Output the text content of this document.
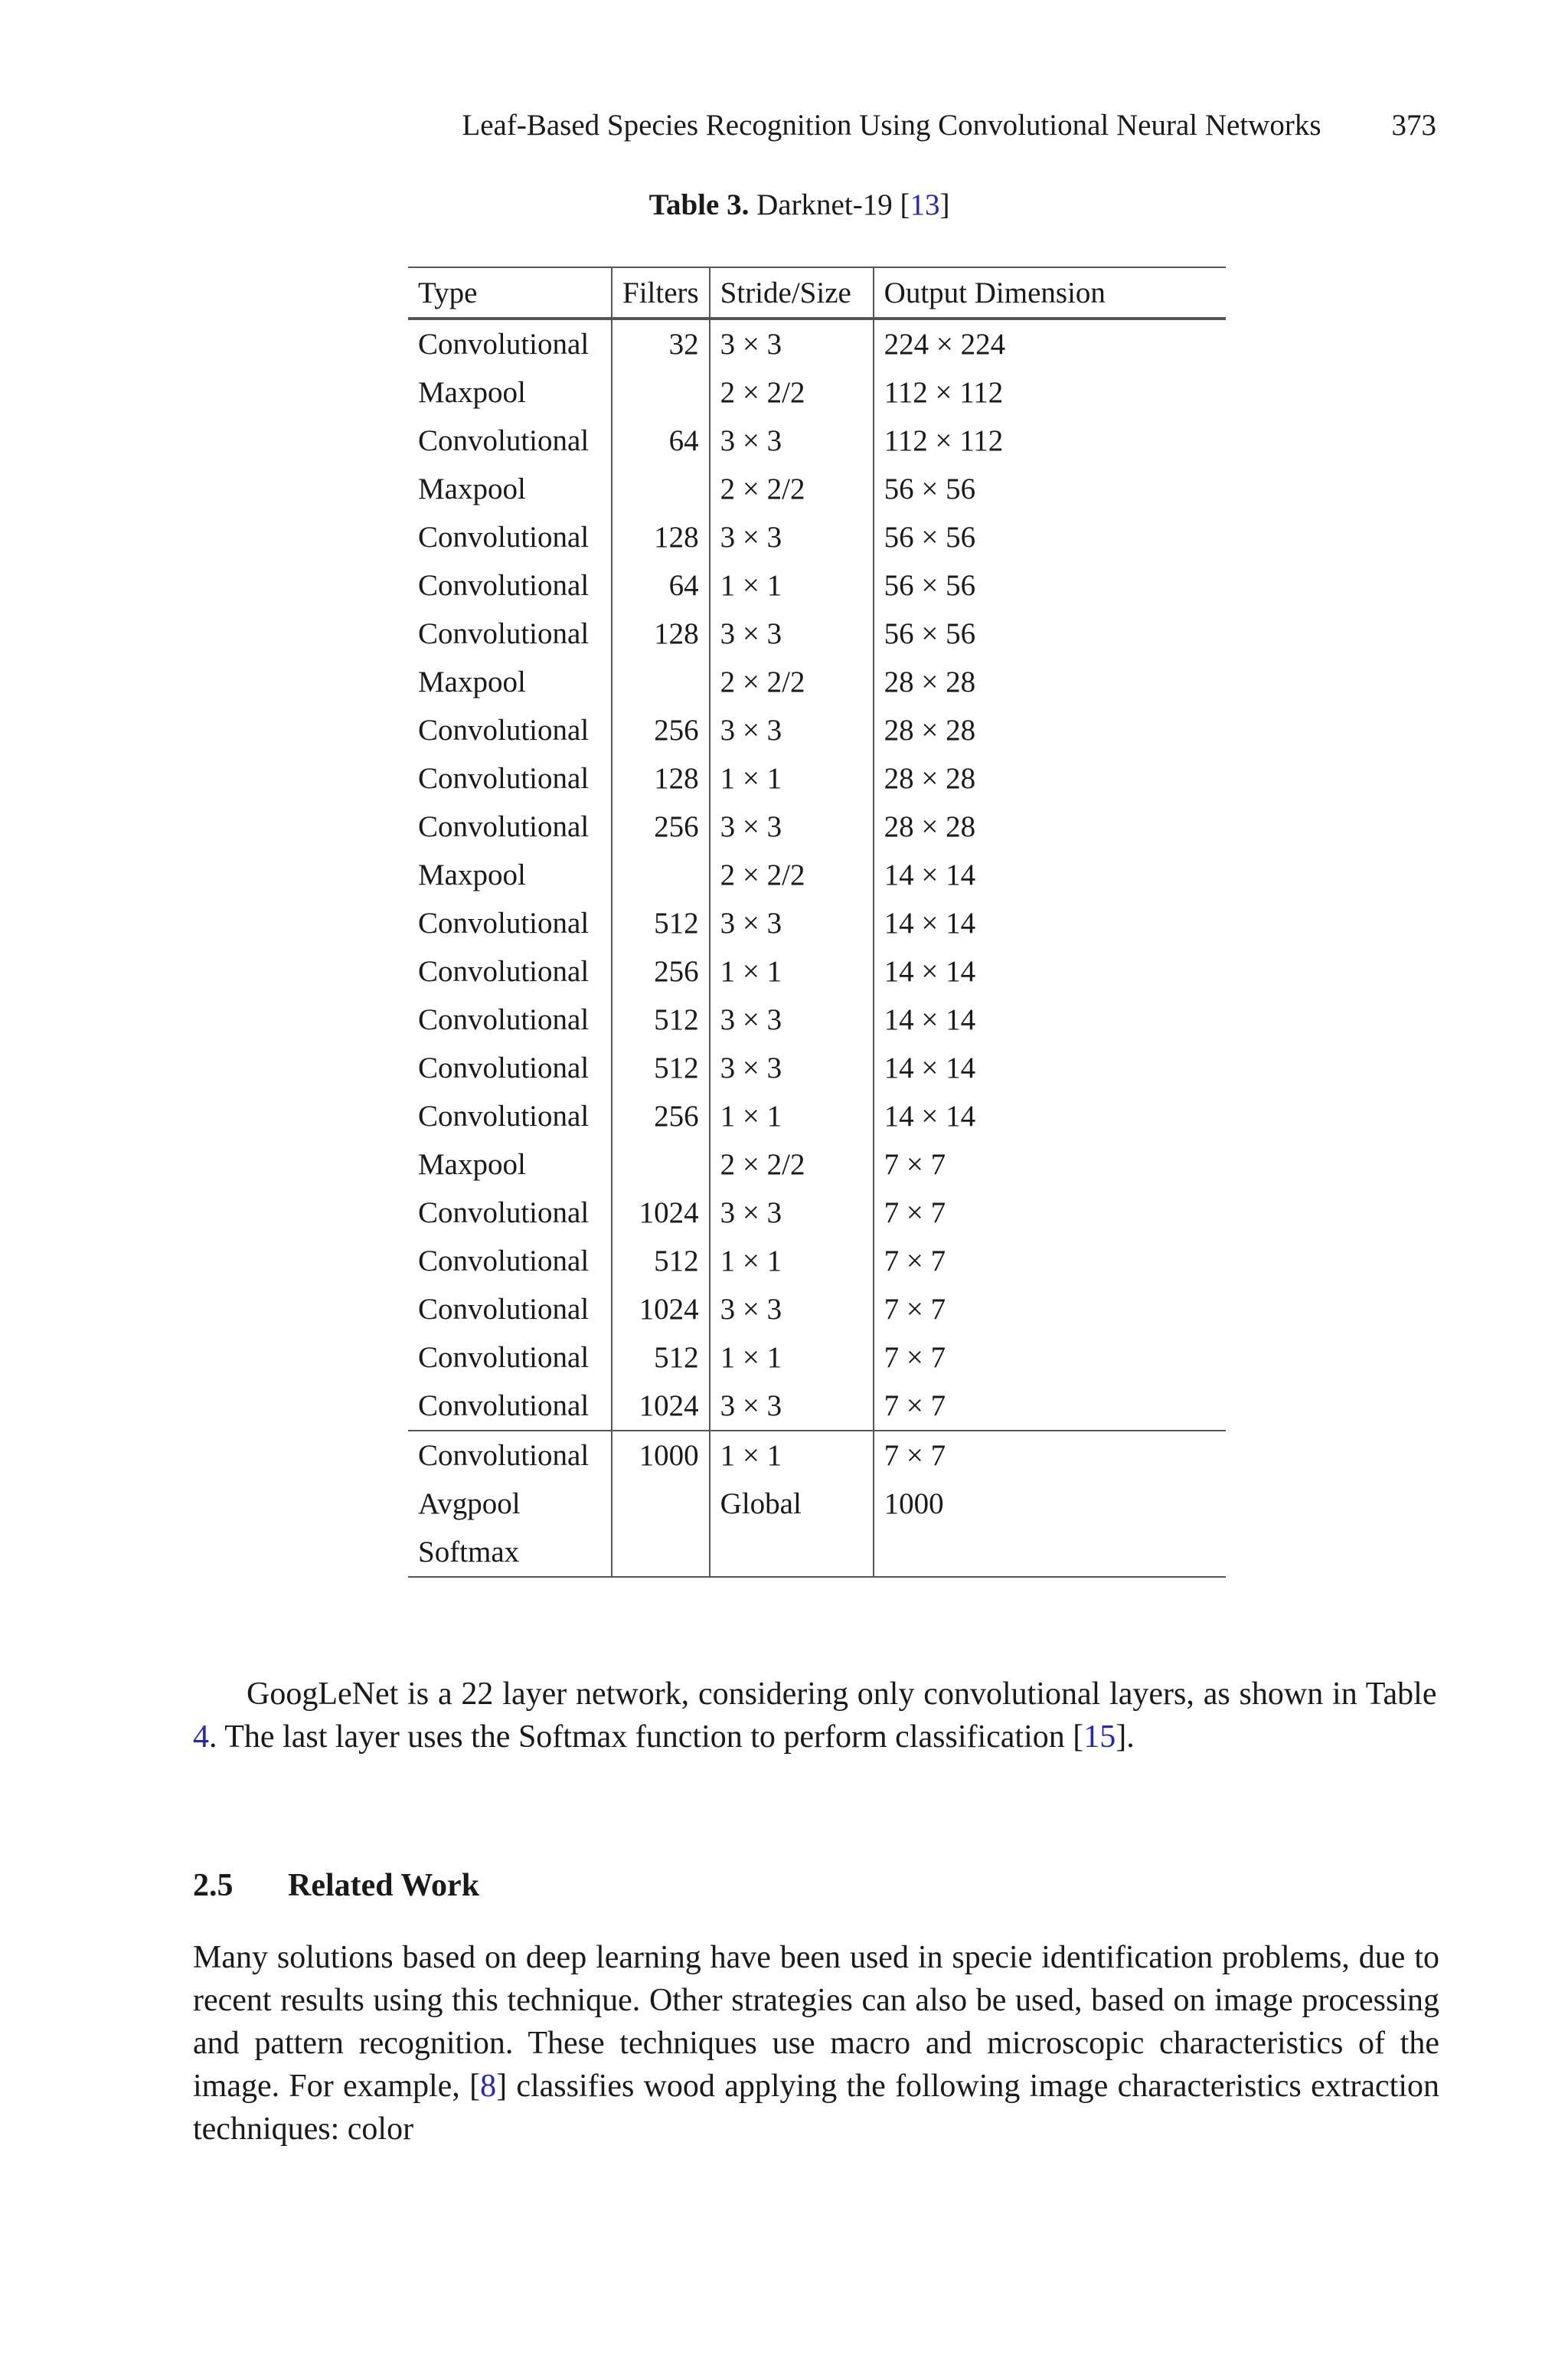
Leaf-Based Species Recognition Using Convolutional Neural Networks 373
Table 3. Darknet-19 [13]
Type	Filters	Stride/Size	Output Dimension
Convolutional	32	3 × 3	224 × 224
Maxpool		2 × 2/2	112 × 112
Convolutional	64	3 × 3	112 × 112
Maxpool		2 × 2/2	56 × 56
Convolutional	128	3 × 3	56 × 56
Convolutional	64	1 × 1	56 × 56
Convolutional	128	3 × 3	56 × 56
Maxpool		2 × 2/2	28 × 28
Convolutional	256	3 × 3	28 × 28
Convolutional	128	1 × 1	28 × 28
Convolutional	256	3 × 3	28 × 28
Maxpool		2 × 2/2	14 × 14
Convolutional	512	3 × 3	14 × 14
Convolutional	256	1 × 1	14 × 14
Convolutional	512	3 × 3	14 × 14
Convolutional	512	3 × 3	14 × 14
Convolutional	256	1 × 1	14 × 14
Maxpool		2 × 2/2	7 × 7
Convolutional	1024	3 × 3	7 × 7
Convolutional	512	1 × 1	7 × 7
Convolutional	1024	3 × 3	7 × 7
Convolutional	512	1 × 1	7 × 7
Convolutional	1024	3 × 3	7 × 7
Convolutional	1000	1 × 1	7 × 7
Avgpool		Global	1000
Softmax			
GoogLeNet is a 22 layer network, considering only convolutional layers, as shown in Table 4. The last layer uses the Softmax function to perform classification [15].
2.5 Related Work
Many solutions based on deep learning have been used in specie identification problems, due to recent results using this technique. Other strategies can also be used, based on image processing and pattern recognition. These techniques use macro and microscopic characteristics of the image. For example, [8] classifies wood applying the following image characteristics extraction techniques: color
